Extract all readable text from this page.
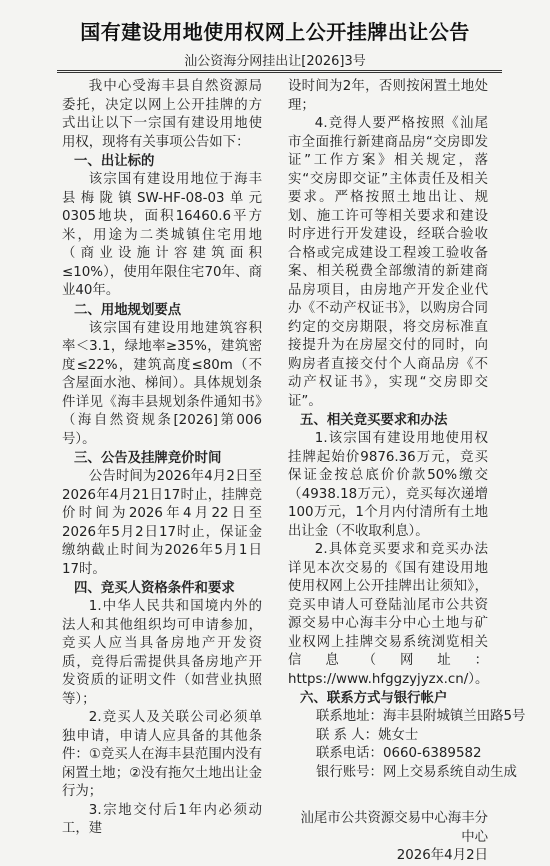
国有建设用地使用权网上公开挂牌出让公告
汕公资海分网挂出让[2026]3号

我中心受海丰县自然资源局委托，决定以网上公开挂牌的方式出让以下一宗国有建设用地使用权，现将有关事项公告如下：

一、出让标的

该宗国有建设用地位于海丰县梅陇镇SW-HF-08-03单元0305地块，面积16460.6平方米，用途为二类城镇住宅用地（商业设施计容建筑面积≤10%），使用年限住宅70年、商业40年。

二、用地规划要点

该宗国有建设用地建筑容积率＜3.1，绿地率≥35%，建筑密度≤22%，建筑高度≤80m（不含屋面水池、梯间）。具体规划条件详见《海丰县规划条件通知书》（海自然资规条[2026]第006号）。

三、公告及挂牌竞价时间

公告时间为2026年4月2日至2026年4月21日17时止，挂牌竞价时间为2026年4月22日至2026年5月2日17时止，保证金缴纳截止时间为2026年5月1日17时。

四、竞买人资格条件和要求

1.中华人民共和国境内外的法人和其他组织均可申请参加，竞买人应当具备房地产开发资质，竞得后需提供具备房地产开发资质的证明文件（如营业执照等）；

2.竞买人及关联公司必须单独申请，申请人应具备的其他条件：①竞买人在海丰县范围内没有闲置土地；②没有拖欠土地出让金行为；

3.宗地交付后1年内必须动工，建

设时间为2年，否则按闲置土地处理；

4.竞得人要严格按照《汕尾市全面推行新建商品房“交房即发证”工作方案》相关规定，落实“交房即交证”主体责任及相关要求。严格按照土地出让、规划、施工许可等相关要求和建设时序进行开发建设，经联合验收合格或完成建设工程竣工验收备案、相关税费全部缴清的新建商品房项目，由房地产开发企业代办《不动产权证书》，以购房合同约定的交房期限，将交房标准直接提升为在房屋交付的同时，向购房者直接交付个人商品房《不动产权证书》，实现“交房即交证”。

五、相关竞买要求和办法

1.该宗国有建设用地使用权挂牌起始价9876.36万元，竞买保证金按总底价价款50%缴交（4938.18万元），竞买每次递增100万元，1个月内付清所有土地出让金（不收取利息）。

2.具体竞买要求和竞买办法详见本次交易的《国有建设用地使用权网上公开挂牌出让须知》，竞买申请人可登陆汕尾市公共资源交易中心海丰分中心土地与矿业权网上挂牌交易系统浏览相关信息（网址：https://www.hfggzyjyzx.cn/）。

六、联系方式与银行帐户
联系地址：海丰县附城镇兰田路5号
联 系 人：姚女士
联系电话：0660-6389582
银行账号：网上交易系统自动生成
汕尾市公共资源交易中心海丰分中心
2026年4月2日
